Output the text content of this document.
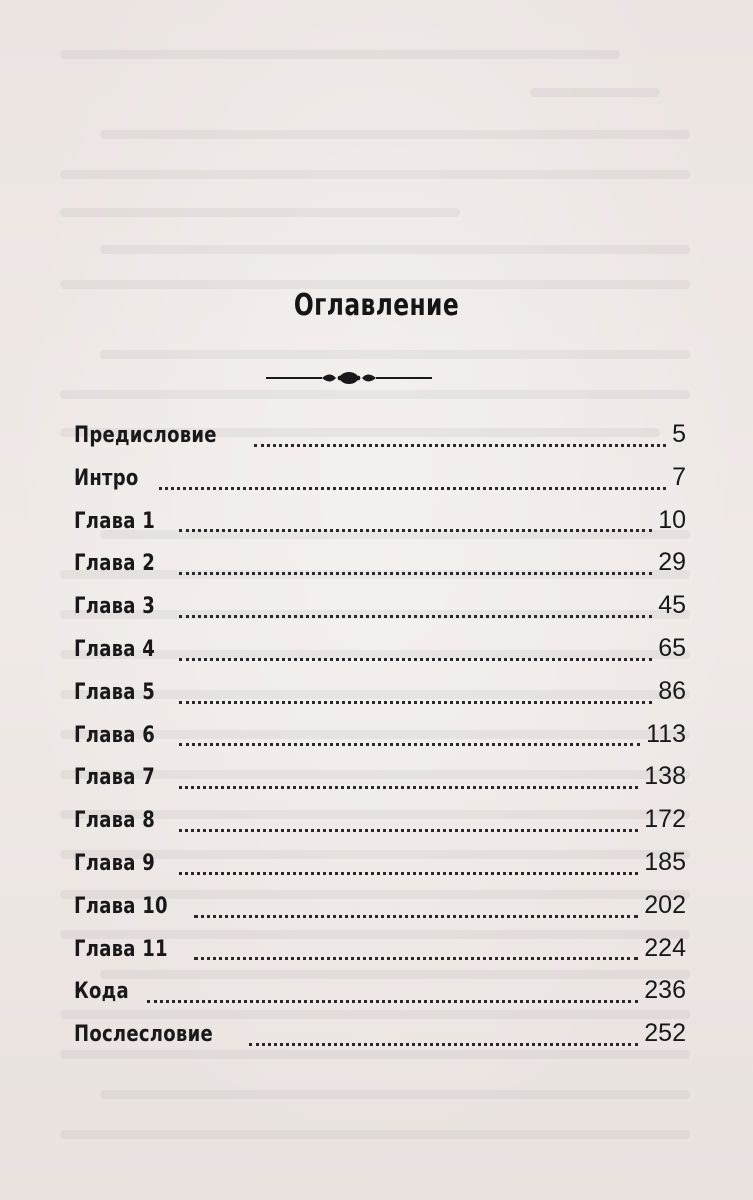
Оглавление
Предисловие	5
Интро	7
Глава 1	10
Глава 2	29
Глава 3	45
Глава 4	65
Глава 5	86
Глава 6	113
Глава 7	138
Глава 8	172
Глава 9	185
Глава 10	202
Глава 11	224
Кода	236
Послесловие	252
